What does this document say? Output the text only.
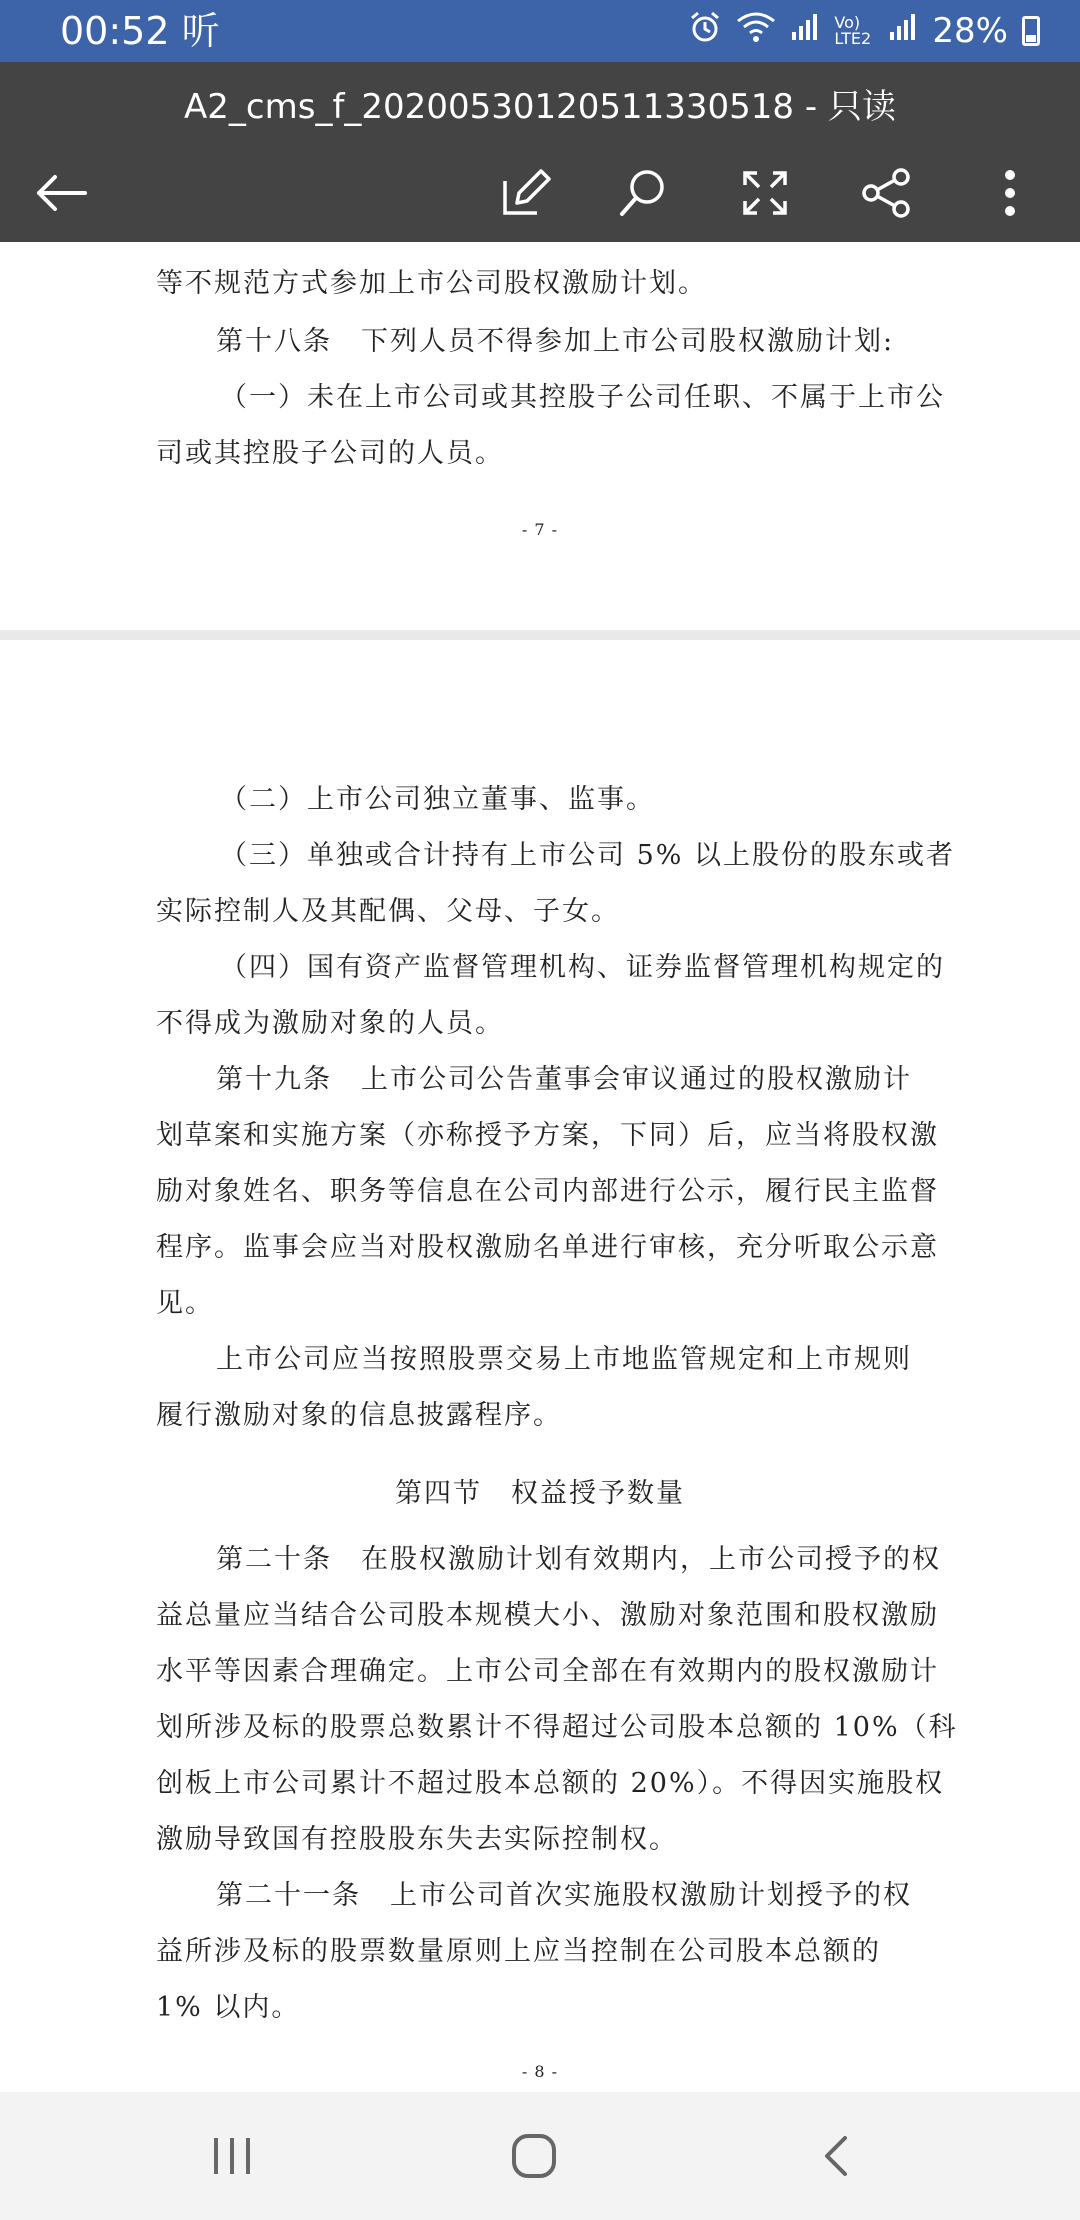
00:52 听	Vo) LTE2 28%
A2_cms_f_20200530120511330518 - 只读
等不规范方式参加上市公司股权激励计划。
第十八条　下列人员不得参加上市公司股权激励计划:
（一）未在上市公司或其控股子公司任职、不属于上市公
司或其控股子公司的人员。
- 7 -
（二）上市公司独立董事、监事。
（三）单独或合计持有上市公司 5% 以上股份的股东或者
实际控制人及其配偶、父母、子女。
（四）国有资产监督管理机构、证券监督管理机构规定的
不得成为激励对象的人员。
第十九条　上市公司公告董事会审议通过的股权激励计
划草案和实施方案（亦称授予方案，下同）后，应当将股权激
励对象姓名、职务等信息在公司内部进行公示，履行民主监督
程序。监事会应当对股权激励名单进行审核，充分听取公示意
见。
上市公司应当按照股票交易上市地监管规定和上市规则
履行激励对象的信息披露程序。
第四节　权益授予数量
第二十条　在股权激励计划有效期内，上市公司授予的权
益总量应当结合公司股本规模大小、激励对象范围和股权激励
水平等因素合理确定。上市公司全部在有效期内的股权激励计
划所涉及标的股票总数累计不得超过公司股本总额的 10%（科
创板上市公司累计不超过股本总额的 20%）。不得因实施股权
激励导致国有控股股东失去实际控制权。
第二十一条　上市公司首次实施股权激励计划授予的权
益所涉及标的股票数量原则上应当控制在公司股本总额的
1% 以内。
- 8 -
